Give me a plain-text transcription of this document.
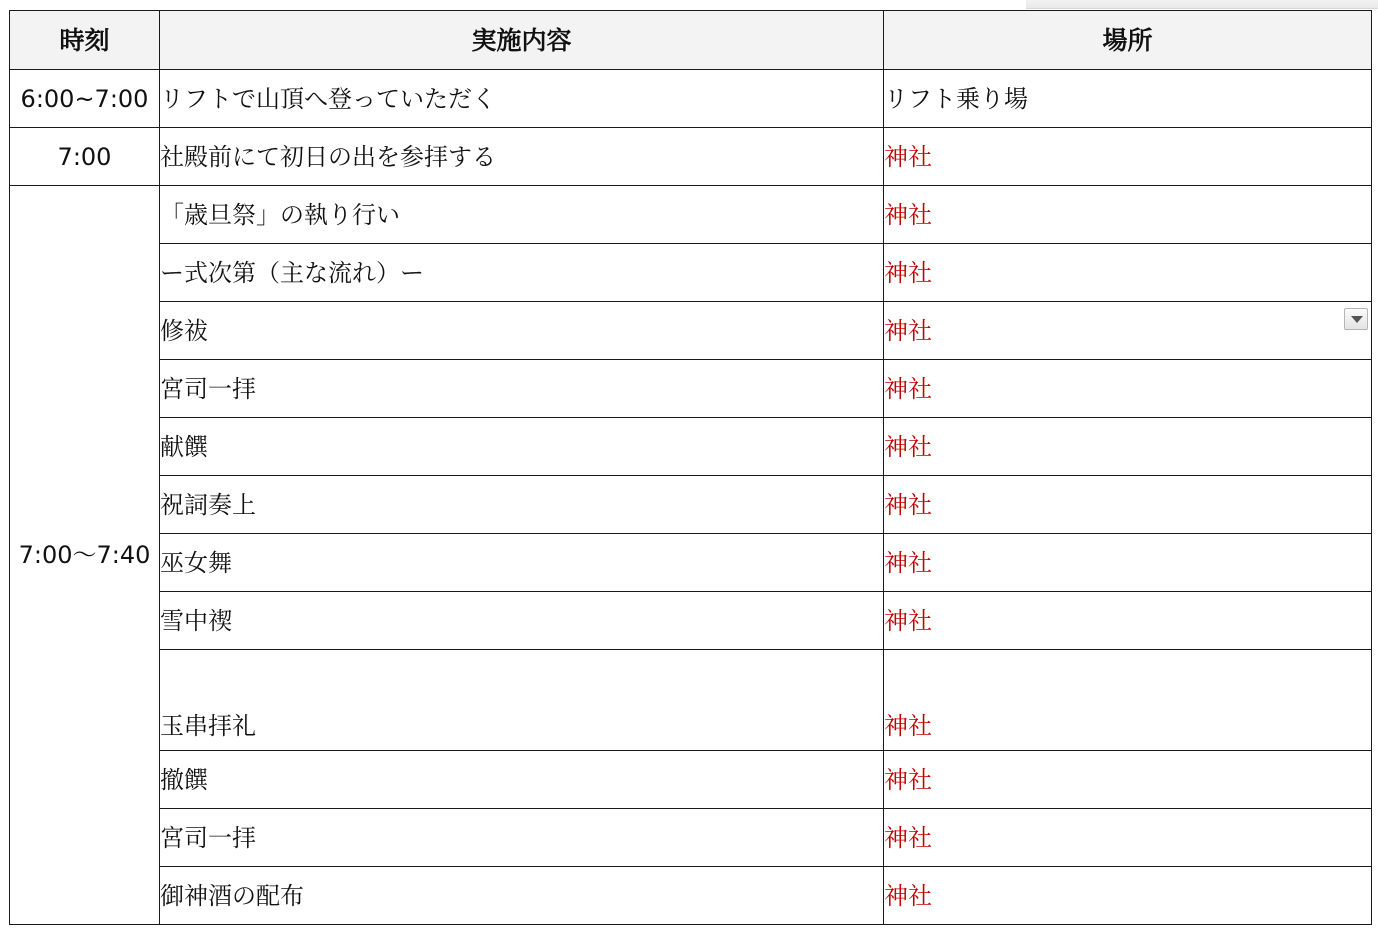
時刻	実施内容	場所
6:00~7:00	リフトで山頂へ登っていただく	リフト乗り場
7:00	社殿前にて初日の出を参拝する	神社
7:00〜7:40	「歳旦祭」の執り行い	神社
	ー式次第（主な流れ）ー	神社
	修祓	神社

	宮司一拝	神社
	献饌	神社
	祝詞奏上	神社
	巫女舞	神社
	雪中禊	神社
	玉串拝礼	神社
	撤饌	神社
	宮司一拝	神社
	御神酒の配布	神社
